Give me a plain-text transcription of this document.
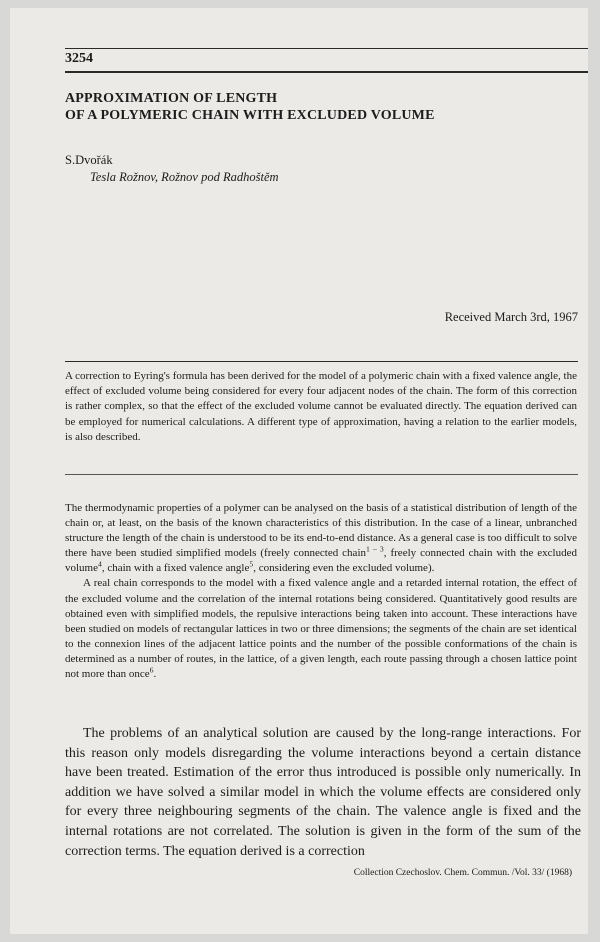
3254
APPROXIMATION OF LENGTH
OF A POLYMERIC CHAIN WITH EXCLUDED VOLUME
S.Dvořák
Tesla Rožnov, Rožnov pod Radhoštěm
Received March 3rd, 1967
A correction to Eyring's formula has been derived for the model of a polymeric chain with a fixed valence angle, the effect of excluded volume being considered for every four adjacent nodes of the chain. The form of this correction is rather complex, so that the effect of the excluded volume cannot be evaluated directly. The equation derived can be employed for numerical calculations. A different type of approximation, having a relation to the earlier models, is also described.

The thermodynamic properties of a polymer can be analysed on the basis of a statistical distribution of length of the chain or, at least, on the basis of the known characteristics of this distribution. In the case of a linear, unbranched structure the length of the chain is understood to be its end-to-end distance. As a general case is too difficult to solve there have been studied simplified models (freely connected chain$^{1 - 3}$, freely connected chain with the excluded volume$^4$, chain with a fixed valence angle$^5$, considering even the excluded volume).

A real chain corresponds to the model with a fixed valence angle and a retarded internal rotation, the effect of the excluded volume and the correlation of the internal rotations being considered. Quantitatively good results are obtained even with simplified models, the repulsive interactions being taken into account. These interactions have been studied on models of rectangular lattices in two or three dimensions; the segments of the chain are set identical to the connexion lines of the adjacent lattice points and the number of the possible conformations of the chain is determined as a number of routes, in the lattice, of a given length, each route passing through a chosen lattice point not more than once$^6$.

The problems of an analytical solution are caused by the long-range interactions. For this reason only models disregarding the volume interactions beyond a certain distance have been treated. Estimation of the error thus introduced is possible only numerically. In addition we have solved a similar model in which the volume effects are considered only for every three neighbouring segments of the chain. The valence angle is fixed and the internal rotations are not correlated. The solution is given in the form of the sum of the correction terms. The equation derived is a correction

Collection Czechoslov. Chem. Commun. /Vol. 33/ (1968)
